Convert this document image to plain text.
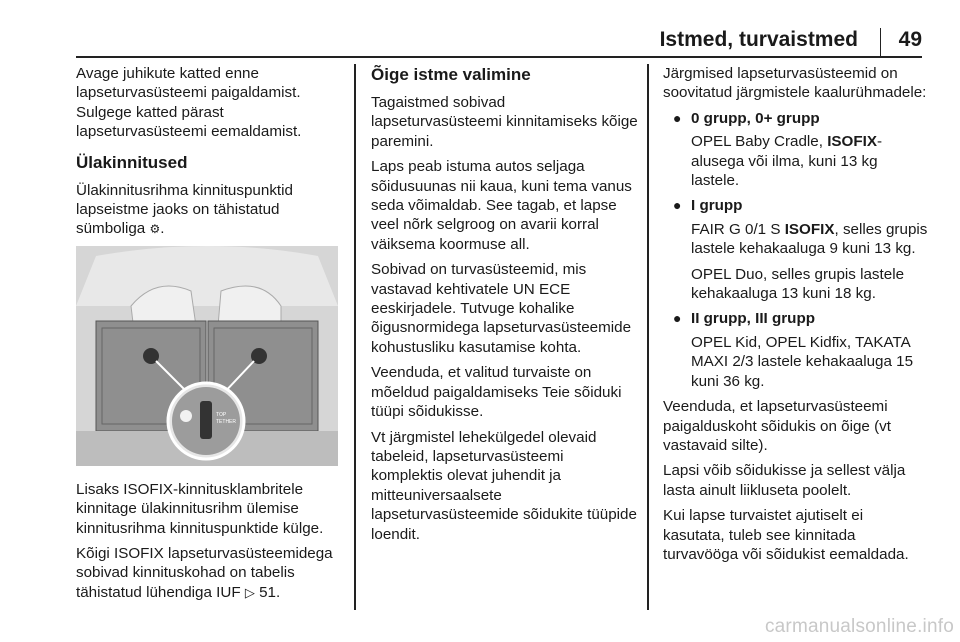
Istmed, turvaistmed 49

Avage juhikute katted enne lapseturvasüsteemi paigaldamist. Sulgege katted pärast lapseturvasüsteemi eemaldamist.

Ülakinnitused

Ülakinnitusrihma kinnituspunktid lapseistme jaoks on tähistatud sümboliga ⚙.

TOP
TETHER

Lisaks ISOFIX-kinnitusklambritele kinnitage ülakinnitusrihm ülemise kinnitusrihma kinnituspunktide külge.

Kõigi ISOFIX lapseturvasüsteemidega sobivad kinnituskohad on tabelis tähistatud lühendiga IUF ▷ 51.

Õige istme valimine

Tagaistmed sobivad lapseturvasüsteemi kinnitamiseks kõige paremini.

Laps peab istuma autos seljaga sõidusuunas nii kaua, kuni tema vanus seda võimaldab. See tagab, et lapse veel nõrk selgroog on avarii korral väiksema koormuse all.

Sobivad on turvasüsteemid, mis vastavad kehtivatele UN ECE eeskirjadele. Tutvuge kohalike õigusnormidega lapseturvasüsteemide kohustusliku kasutamise kohta.

Veenduda, et valitud turvaiste on mõeldud paigaldamiseks Teie sõiduki tüüpi sõidukisse.

Vt järgmistel lehekülgedel olevaid tabeleid, lapseturvasüsteemi komplektis olevat juhendit ja mitteuniversaalsete lapseturvasüsteemide sõidukite tüüpide loendit.

Järgmised lapseturvasüsteemid on soovitatud järgmistele kaalurühmadele:

● 0 grupp, 0+ grupp
OPEL Baby Cradle, ISOFIX-alusega või ilma, kuni 13 kg lastele.
● I grupp
FAIR G 0/1 S ISOFIX, selles grupis lastele kehakaaluga 9 kuni 13 kg.
OPEL Duo, selles grupis lastele kehakaaluga 13 kuni 18 kg.
● II grupp, III grupp
OPEL Kid, OPEL Kidfix, TAKATA MAXI 2/3 lastele kehakaaluga 15 kuni 36 kg.

Veenduda, et lapseturvasüsteemi paigalduskoht sõidukis on õige (vt vastavaid silte).

Lapsi võib sõidukisse ja sellest välja lasta ainult liikluseta poolelt.

Kui lapse turvaistet ajutiselt ei kasutata, tuleb see kinnitada turvavööga või sõidukist eemaldada.

carmanualsonline.info
